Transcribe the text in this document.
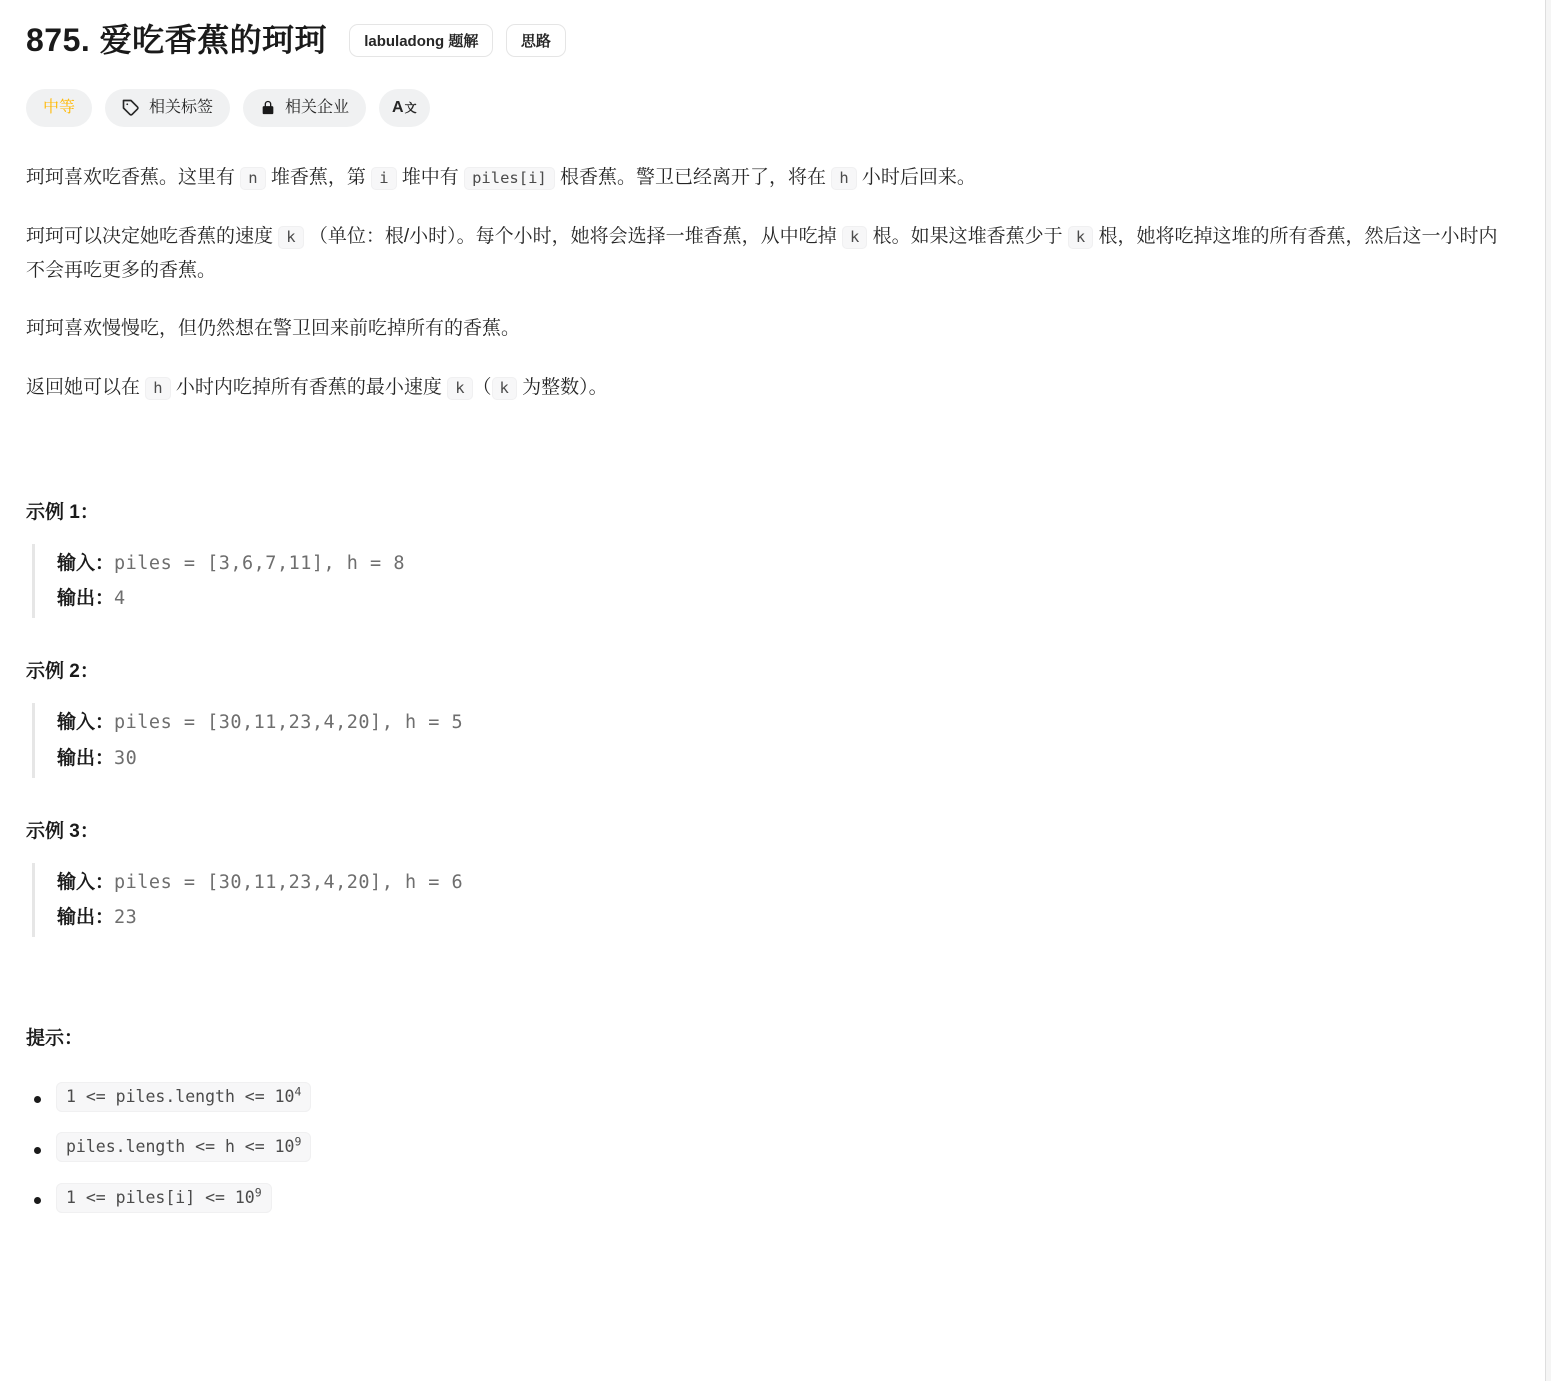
875. 爱吃香蕉的珂珂	labuladong 题解	思路
中等	相关标签	相关企业	A文

珂珂喜欢吃香蕉。这里有 n 堆香蕉，第 i 堆中有 piles[i] 根香蕉。警卫已经离开了，将在 h 小时后回来。

珂珂可以决定她吃香蕉的速度 k （单位：根/小时）。每个小时，她将会选择一堆香蕉，从中吃掉 k 根。如果这堆香蕉少于 k 根，她将吃掉这堆的所有香蕉，然后这一小时内不会再吃更多的香蕉。

珂珂喜欢慢慢吃，但仍然想在警卫回来前吃掉所有的香蕉。

返回她可以在 h 小时内吃掉所有香蕉的最小速度 k （ k 为整数）。

示例 1：
输入：piles = [3,6,7,11], h = 8
输出：4
示例 2：
输入：piles = [30,11,23,4,20], h = 5
输出：30
示例 3：
输入：piles = [30,11,23,4,20], h = 6
输出：23
提示：
1 <= piles.length <= $10^4$
piles.length <= $h <= 10^9$
1 <= piles[i] <= $10^9$
